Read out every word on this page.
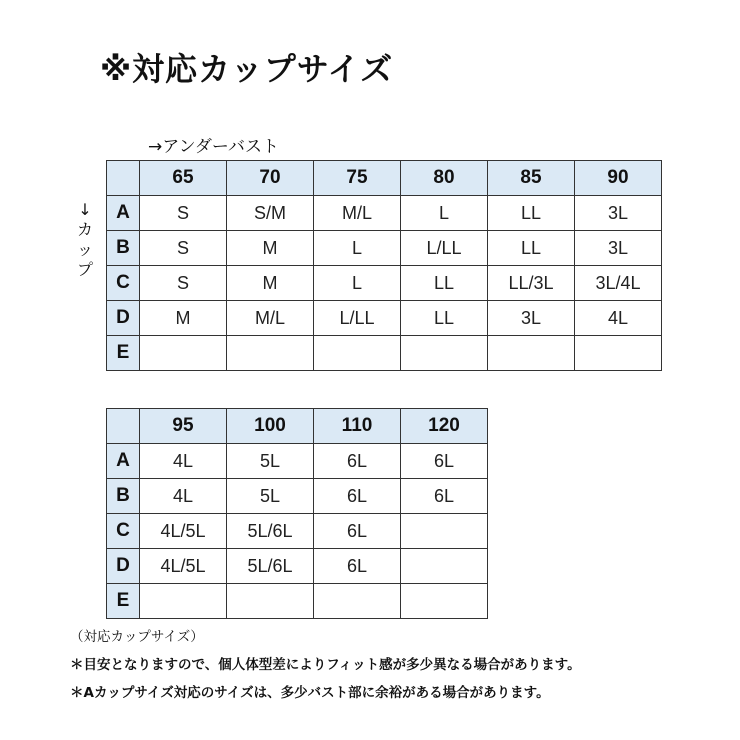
※対応カップサイズ
→アンダーバスト
↓
カ
ッ
プ
	65	70	75	80	85	90
A	S	S/M	M/L	L	LL	3L
B	S	M	L	L/LL	LL	3L
C	S	M	L	LL	LL/3L	3L/4L
D	M	M/L	L/LL	LL	3L	4L
E						
	95	100	110	120
A	4L	5L	6L	6L
B	4L	5L	6L	6L
C	4L/5L	5L/6L	6L	
D	4L/5L	5L/6L	6L	
E				
（対応カップサイズ）
＊目安となりますので、個人体型差によりフィット感が多少異なる場合があります。
＊Aカップサイズ対応のサイズは、多少バスト部に余裕がある場合があります。
